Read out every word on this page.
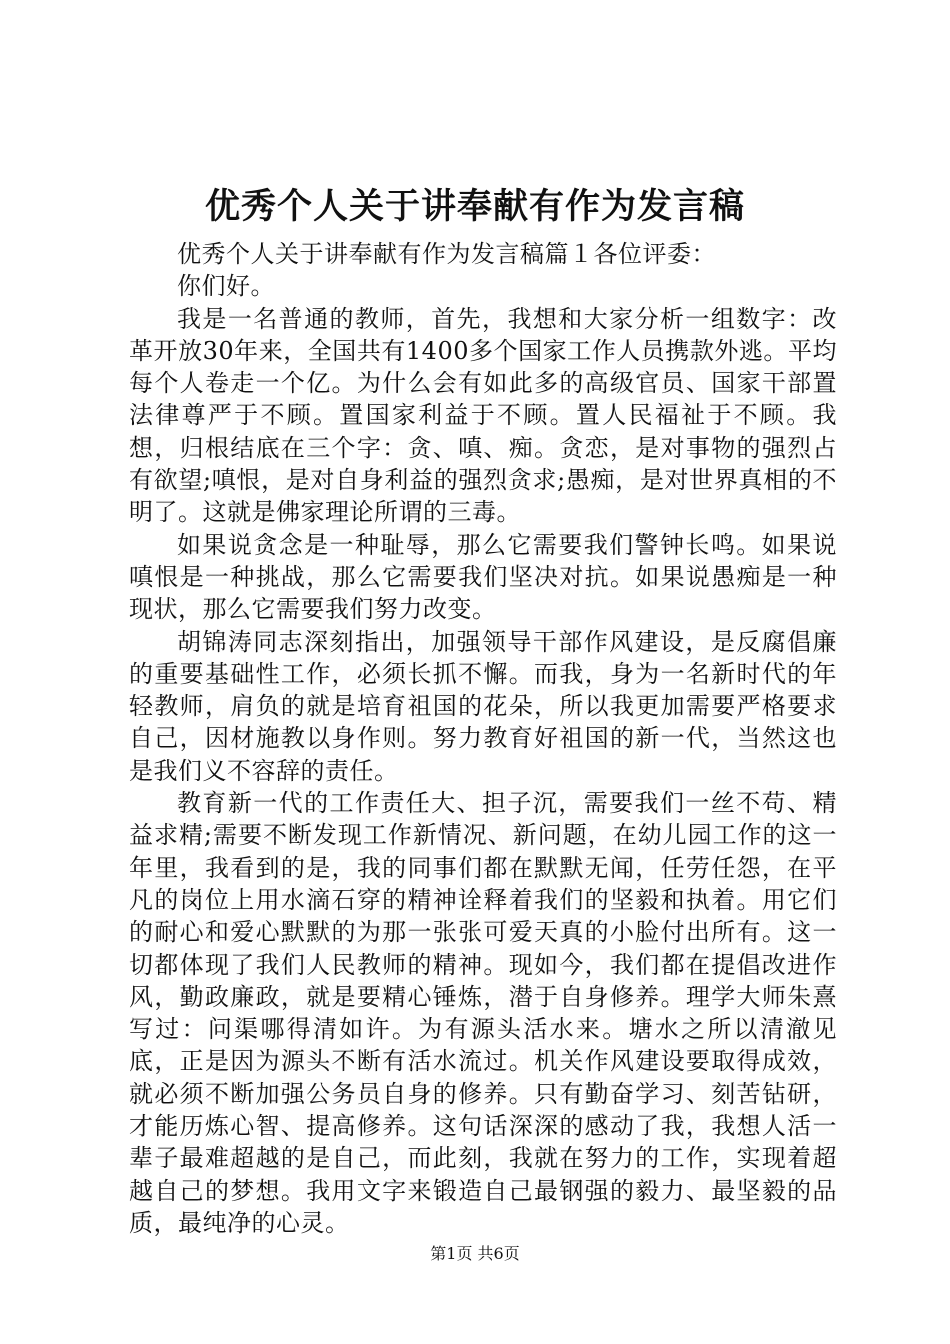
优秀个人关于讲奉献有作为发言稿

优秀个人关于讲奉献有作为发言稿篇１各位评委：

你们好。

我是一名普通的教师，首先，我想和大家分析一组数字：改革开放30年来，全国共有1400多个国家工作人员携款外逃。平均每个人卷走一个亿。为什么会有如此多的高级官员、国家干部置法律尊严于不顾。置国家利益于不顾。置人民福祉于不顾。我想，归根结底在三个字：贪、嗔、痴。贪恋，是对事物的强烈占有欲望;嗔恨，是对自身利益的强烈贪求;愚痴，是对世界真相的不明了。这就是佛家理论所谓的三毒。

如果说贪念是一种耻辱，那么它需要我们警钟长鸣。如果说嗔恨是一种挑战，那么它需要我们坚决对抗。如果说愚痴是一种现状，那么它需要我们努力改变。

胡锦涛同志深刻指出，加强领导干部作风建设，是反腐倡廉的重要基础性工作，必须长抓不懈。而我，身为一名新时代的年轻教师，肩负的就是培育祖国的花朵，所以我更加需要严格要求自己，因材施教以身作则。努力教育好祖国的新一代，当然这也是我们义不容辞的责任。

教育新一代的工作责任大、担子沉，需要我们一丝不苟、精益求精;需要不断发现工作新情况、新问题，在幼儿园工作的这一年里，我看到的是，我的同事们都在默默无闻，任劳任怨，在平凡的岗位上用水滴石穿的精神诠释着我们的坚毅和执着。用它们的耐心和爱心默默的为那一张张可爱天真的小脸付出所有。这一切都体现了我们人民教师的精神。现如今，我们都在提倡改进作风，勤政廉政，就是要精心锤炼，潜于自身修养。理学大师朱熹写过：问渠哪得清如许。为有源头活水来。塘水之所以清澈见底，正是因为源头不断有活水流过。机关作风建设要取得成效，就必须不断加强公务员自身的修养。只有勤奋学习、刻苦钻研，才能历炼心智、提高修养。这句话深深的感动了我，我想人活一辈子最难超越的是自己，而此刻，我就在努力的工作，实现着超越自己的梦想。我用文字来锻造自己最钢强的毅力、最坚毅的品质，最纯净的心灵。

第1页 共6页
